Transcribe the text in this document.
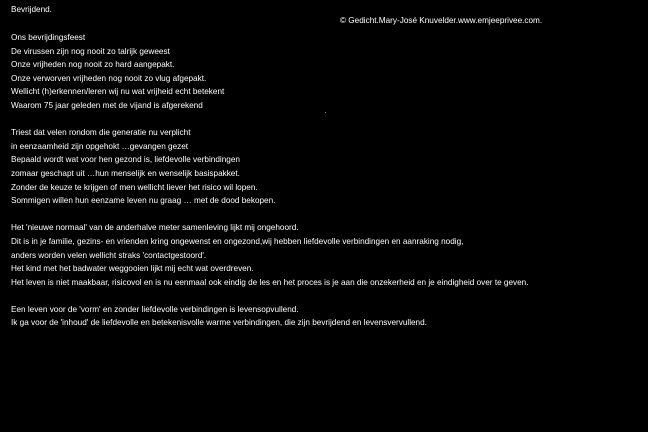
Bevrijdend.
© Gedicht.Mary-José Knuvelder.www.emjeeprivee.com.
Ons bevrijdingsfeest
De virussen zijn nog nooit zo talrijk geweest
Onze vrijheden nog nooit zo hard aangepakt.
Onze verworven vrijheden nog nooit zo vlug afgepakt.
Wellicht (h)erkennen/leren wij nu wat vrijheid echt betekent
Waarom 75 jaar geleden met de vijand is afgerekend
Triest dat velen rondom die generatie nu verplicht
in eenzaamheid zijn opgehokt …gevangen gezet
Bepaald wordt wat voor hen gezond is, liefdevolle verbindingen
zomaar geschapt uit …hun menselijk en wenselijk basispakket.
Zonder de keuze te krijgen of men wellicht liever het risico wil lopen.
Sommigen willen hun eenzame leven nu graag … met de dood bekopen.
Het 'nieuwe normaal' van de anderhalve meter samenleving lijkt mij ongehoord.
Dit is in je familie, gezins- en vrienden kring ongewenst en ongezond,wij hebben liefdevolle verbindingen en aanraking nodig,
anders worden velen wellicht straks 'contactgestoord'.
Het kind met het badwater weggooien lijkt mij echt wat overdreven.
Het leven is niet maakbaar, risicovol en is nu eenmaal ook eindig de les en het proces is je aan die onzekerheid en je eindigheid over te geven.
Een leven voor de 'vorm' en zonder liefdevolle verbindingen is levensopvullend.
Ik ga voor de 'inhoud' de liefdevolle en betekenisvolle warme verbindingen, die zijn bevrijdend en levensvervullend.
